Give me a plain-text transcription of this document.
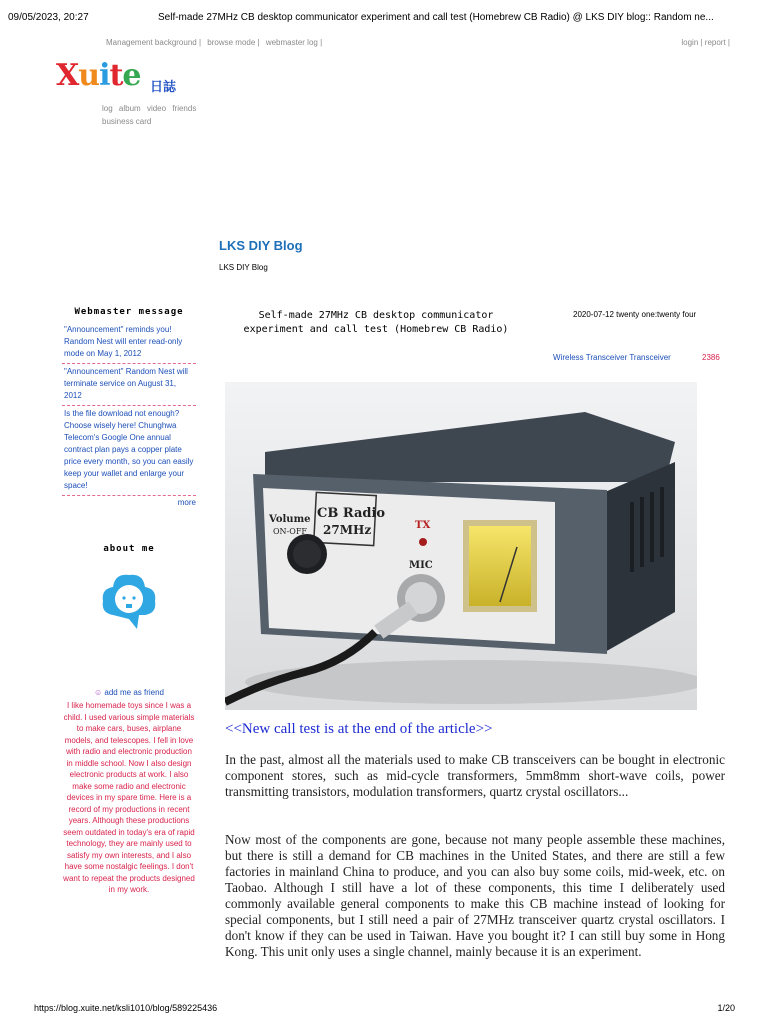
09/05/2023, 20:27	Self-made 27MHz CB desktop communicator experiment and call test (Homebrew CB Radio) @ LKS DIY blog:: Random ne...
Management background | browse mode | webmaster log |	login | report |
Xuite 日誌
log album video friends
business card
LKS DIY Blog
LKS DIY Blog
Webmaster message
"Announcement" reminds you! Random Nest will enter read-only mode on May 1, 2012
"Announcement" Random Nest will terminate service on August 31, 2012
Is the file download not enough? Choose wisely here! Chunghwa Telecom's Google One annual contract plan pays a copper plate price every month, so you can easily keep your wallet and enlarge your space!
more
about me
☺ add me as friend
I like homemade toys since I was a child. I used various simple materials to make cars, buses, airplane models, and telescopes. I fell in love with radio and electronic production in middle school. Now I also design electronic products at work. I also make some radio and electronic devices in my spare time. Here is a record of my productions in recent years. Although these productions seem outdated in today's era of rapid technology, they are mainly used to satisfy my own interests, and I also have some nostalgic feelings. I don't want to repeat the products designed in my work.
Self-made 27MHz CB desktop communicator experiment and call test (Homebrew CB Radio)
2020-07-12 twenty one:twenty four
Wireless Transceiver Transceiver	2386
CB Radio
27MHz
Volume
ON-OFF
TX
MIC
<<New call test is at the end of the article>>

In the past, almost all the materials used to make CB transceivers can be bought in electronic component stores, such as mid-cycle transformers, 5mm8mm short-wave coils, power transmitting transistors, modulation transformers, quartz crystal oscillators...

Now most of the components are gone, because not many people assemble these machines, but there is still a demand for CB machines in the United States, and there are still a few factories in mainland China to produce, and you can also buy some coils, mid-week, etc. on Taobao. Although I still have a lot of these components, this time I deliberately used commonly available general components to make this CB machine instead of looking for special components, but I still need a pair of 27MHz transceiver quartz crystal oscillators. I don't know if they can be used in Taiwan. Have you bought it? I can still buy some in Hong Kong. This unit only uses a single channel, mainly because it is an experiment.

https://blog.xuite.net/ksli1010/blog/589225436	1/20
